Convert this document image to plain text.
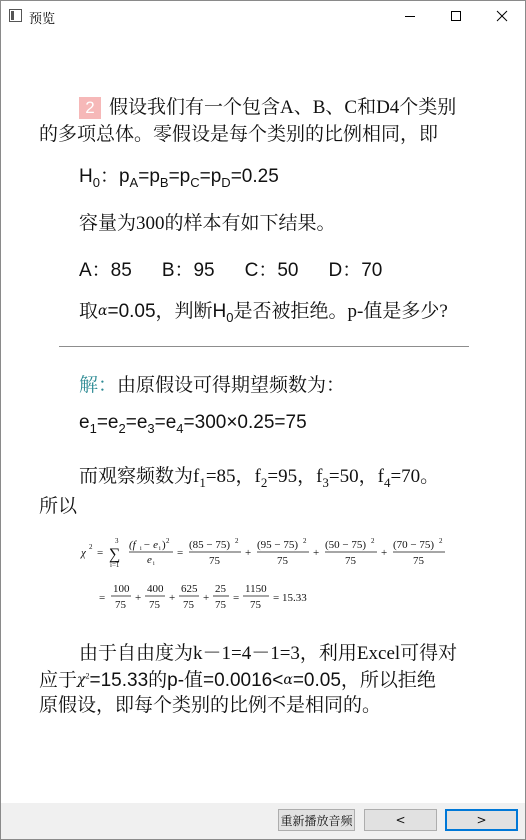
预览
2 假设我们有一个包含A、B、C和D4个类别
的多项总体。零假设是每个类别的比例相同，即
$H_0$：$p_A=p_B=p_C=p_D=0.25$
容量为300的样本有如下结果。
A：85 B：95 C：50 D：70
取α=0.05，判断$H_0$是否被拒绝。p-值是多少?
解：由原假设可得期望频数为：
$e_1=e_2=e_3=e_4=300\times 0.25=75$
而观察频数为$f_1=85$，$f_2=95$，$f_3=50$，$f_4=70$。
所以
χ 2 =
3
∑
i=1
(f i − e i ) 2
e i
=
(85 − 75) 2
75
+
(95 − 75) 2
75
+
(50 − 75) 2
75
+
(70 − 75) 2
75
=
100
75
+
400
75
+
625
75
+
25
75
=
1150
75
= 15.33
由于自由度为k－1=4－1=3，利用Excel可得对
应于$\chi^2=15.33$的p-值=0.0016<α=0.05，所以拒绝
原假设，即每个类别的比例不是相同的。
重新播放音频	<	>
